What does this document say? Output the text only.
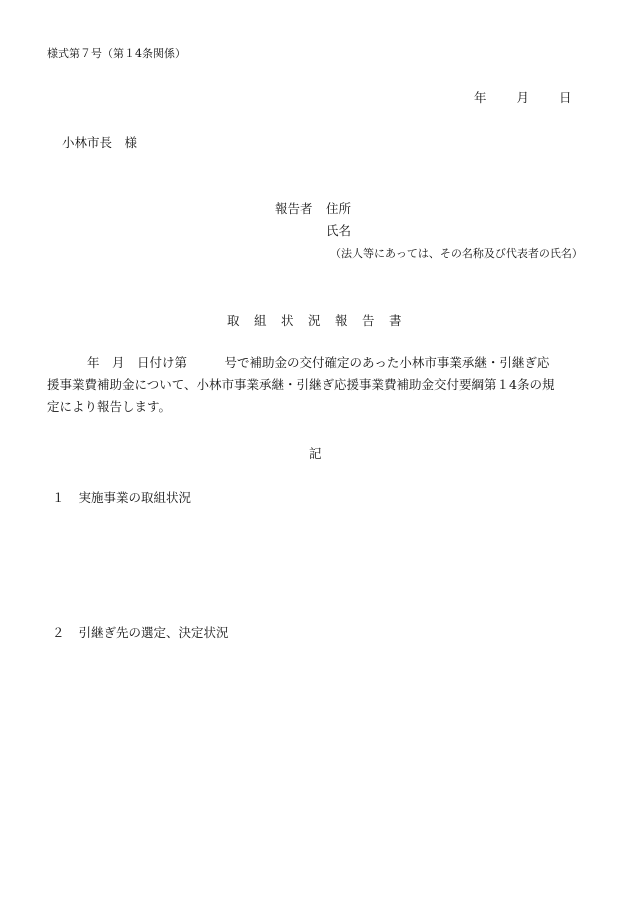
様式第７号（第１4条関係）
年 月 日
小林市長　様
報告者 住所
氏名
（法人等にあっては、その名称及び代表者の氏名）
取　組　状　況　報　告　書
年　月　日付け第　　　号で補助金の交付確定のあった小林市事業承継・引継ぎ応
援事業費補助金について、小林市事業承継・引継ぎ応援事業費補助金交付要綱第１4条の規
定により報告します。
記
１ 実施事業の取組状況
２ 引継ぎ先の選定、決定状況
